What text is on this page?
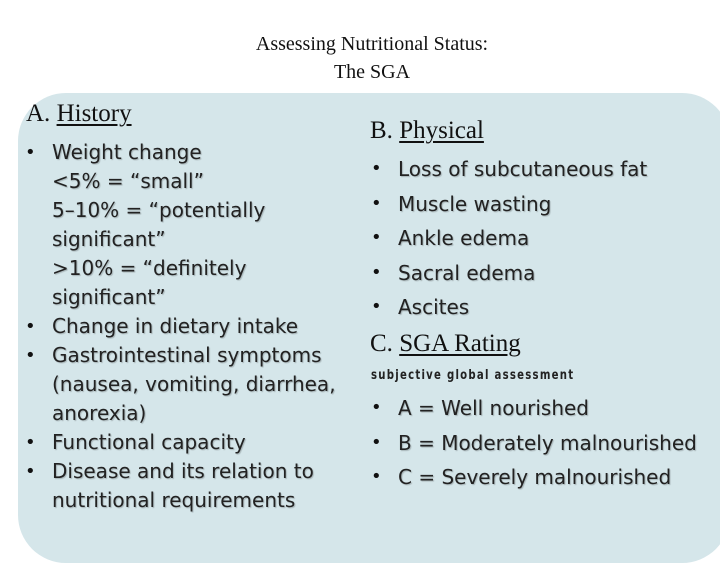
Assessing Nutritional Status:
The SGA
A. History
• Weight change
<5% = “small”
5–10% = “potentially
significant”
>10% = “definitely
significant”
• Change in dietary intake
• Gastrointestinal symptoms
(nausea, vomiting, diarrhea,
anorexia)
• Functional capacity
• Disease and its relation to
nutritional requirements
B. Physical
• Loss of subcutaneous fat
• Muscle wasting
• Ankle edema
• Sacral edema
• Ascites
C. SGA Rating
subjective global assessment
• A = Well nourished
• B = Moderately malnourished
• C = Severely malnourished
